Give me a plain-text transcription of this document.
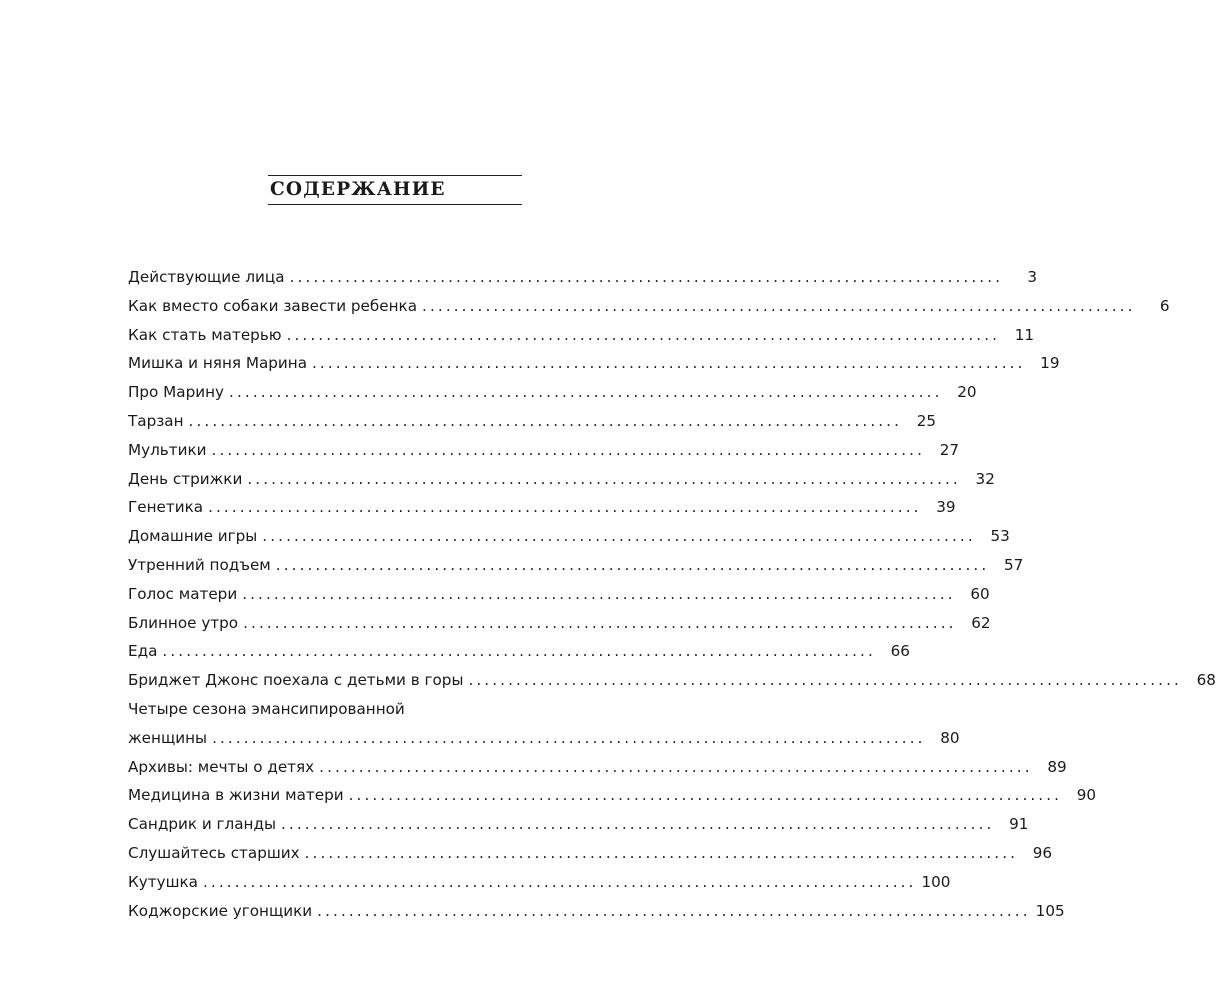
СОДЕРЖАНИЕ
Действующие лица ..........................................................................................	3
Как вместо собаки завести ребенка ..........................................................................................	6
Как стать матерью .......................................................................................... 11
Мишка и няня Марина .......................................................................................... 19
Про Марину .......................................................................................... 20
Тарзан .......................................................................................... 25
Мультики .......................................................................................... 27
День стрижки .......................................................................................... 32
Генетика .......................................................................................... 39
Домашние игры .......................................................................................... 53
Утренний подъем .......................................................................................... 57
Голос матери .......................................................................................... 60
Блинное утро .......................................................................................... 62
Еда .......................................................................................... 66
Бриджет Джонс поехала с детьми в горы .......................................................................................... 68
Четыре сезона эмансипированной
женщины .......................................................................................... 80
Архивы: мечты о детях .......................................................................................... 89
Медицина в жизни матери .......................................................................................... 90
Сандрик и гланды .......................................................................................... 91
Слушайтесь старших .......................................................................................... 96
Кутушка .......................................................................................... 100
Коджорские угонщики .......................................................................................... 105
